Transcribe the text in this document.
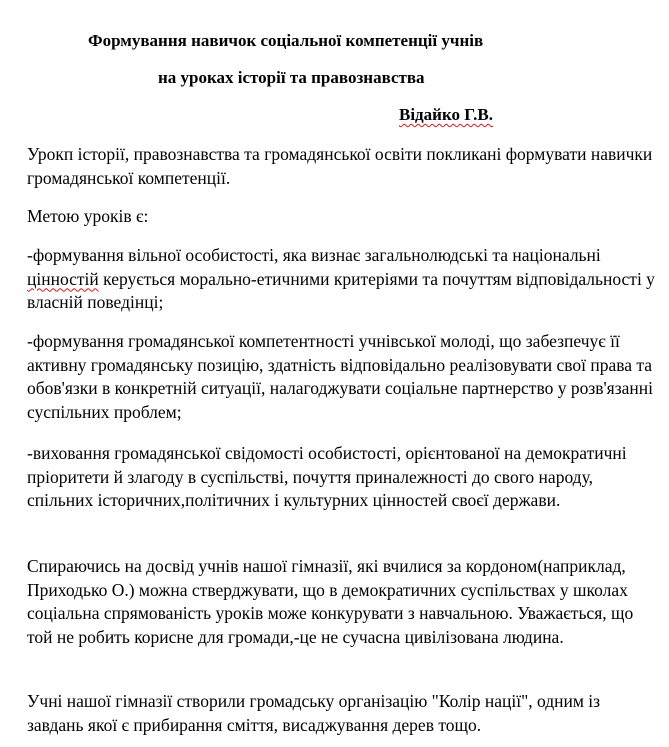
Формування навичок соціальної компетенції учнів
на уроках історії та правознавства
Відайко Г.В.

Урокп історії, правознавства та громадянської освіти покликані формувати навички громадянської компетенції.

Метою уроків є:

-формування вільної особистості, яка визнає загальнолюдські та національні цінностій керується морально-етичними критеріями та почуттям відповідальності у власній поведінці;

-формування громадянської компетентності учнівської молоді, що забезпечує її активну громадянську позицію, здатність відповідально реалізовувати свої права та обов'язки в конкретній ситуації, налагоджувати соціальне партнерство у розв'язанні суспільних проблем;

-виховання громадянської свідомості особистості, орієнтованої на демократичні пріоритети й злагоду в суспільстві, почуття приналежності до свого народу, спільних історичних,політичних і культурних цінностей своєї держави.

Спираючись на досвід учнів нашої гімназії, які вчилися за кордоном(наприклад, Приходько О.) можна стверджувати, що в демократичних суспільствах у школах соціальна спрямованість уроків може конкурувати з навчальною. Уважається, що той не робить корисне для громади,-це не сучасна цивілізована людина.

Учні нашої гімназії створили громадську організацію "Колір нації", одним із завдань якої є прибирання сміття, висаджування дерев тощо.
